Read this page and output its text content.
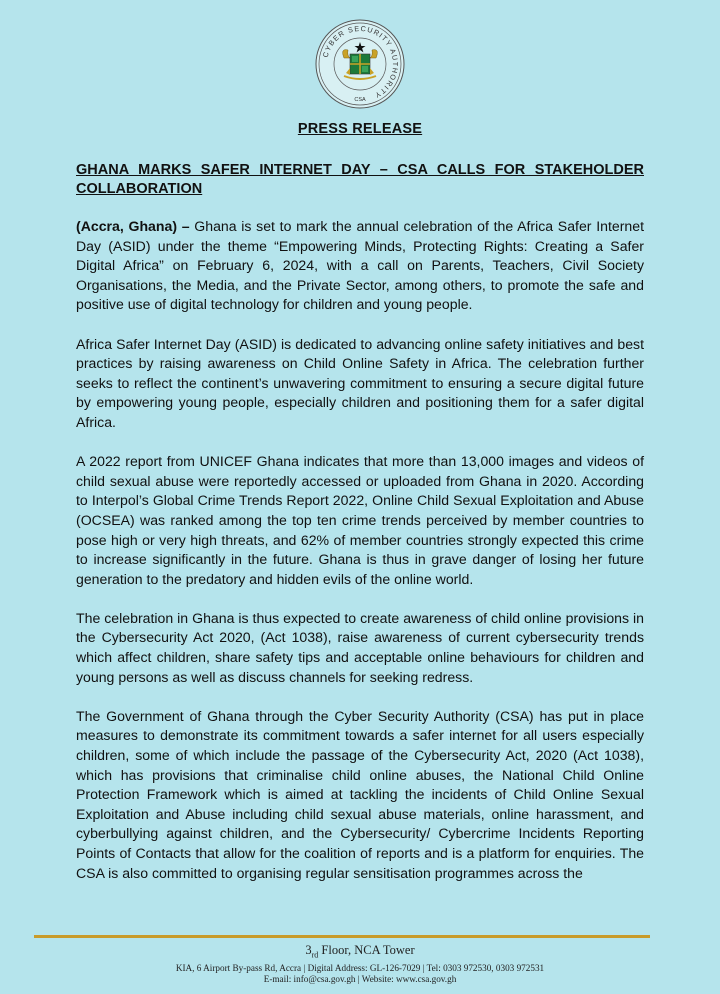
CYBER SECURITY AUTHORITY
CSA
PRESS RELEASE
GHANA MARKS SAFER INTERNET DAY – CSA CALLS FOR STAKEHOLDER COLLABORATION

(Accra, Ghana) – Ghana is set to mark the annual celebration of the Africa Safer Internet Day (ASID) under the theme “Empowering Minds, Protecting Rights: Creating a Safer Digital Africa” on February 6, 2024, with a call on Parents, Teachers, Civil Society Organisations, the Media, and the Private Sector, among others, to promote the safe and positive use of digital technology for children and young people.

Africa Safer Internet Day (ASID) is dedicated to advancing online safety initiatives and best practices by raising awareness on Child Online Safety in Africa. The celebration further seeks to reflect the continent’s unwavering commitment to ensuring a secure digital future by empowering young people, especially children and positioning them for a safer digital Africa.

A 2022 report from UNICEF Ghana indicates that more than 13,000 images and videos of child sexual abuse were reportedly accessed or uploaded from Ghana in 2020. According to Interpol’s Global Crime Trends Report 2022, Online Child Sexual Exploitation and Abuse (OCSEA) was ranked among the top ten crime trends perceived by member countries to pose high or very high threats, and 62% of member countries strongly expected this crime to increase significantly in the future. Ghana is thus in grave danger of losing her future generation to the predatory and hidden evils of the online world.

The celebration in Ghana is thus expected to create awareness of child online provisions in the Cybersecurity Act 2020, (Act 1038), raise awareness of current cybersecurity trends which affect children, share safety tips and acceptable online behaviours for children and young persons as well as discuss channels for seeking redress.

The Government of Ghana through the Cyber Security Authority (CSA) has put in place measures to demonstrate its commitment towards a safer internet for all users especially children, some of which include the passage of the Cybersecurity Act, 2020 (Act 1038), which has provisions that criminalise child online abuses, the National Child Online Protection Framework which is aimed at tackling the incidents of Child Online Sexual Exploitation and Abuse including child sexual abuse materials, online harassment, and cyberbullying against children, and the Cybersecurity/ Cybercrime Incidents Reporting Points of Contacts that allow for the coalition of reports and is a platform for enquiries. The CSA is also committed to organising regular sensitisation programmes across the

$3_{rd}$ Floor, NCA Tower
KIA, 6 Airport By-pass Rd, Accra | Digital Address: GL-126-7029 | Tel: 0303 972530, 0303 972531
E-mail: info@csa.gov.gh | Website: www.csa.gov.gh
